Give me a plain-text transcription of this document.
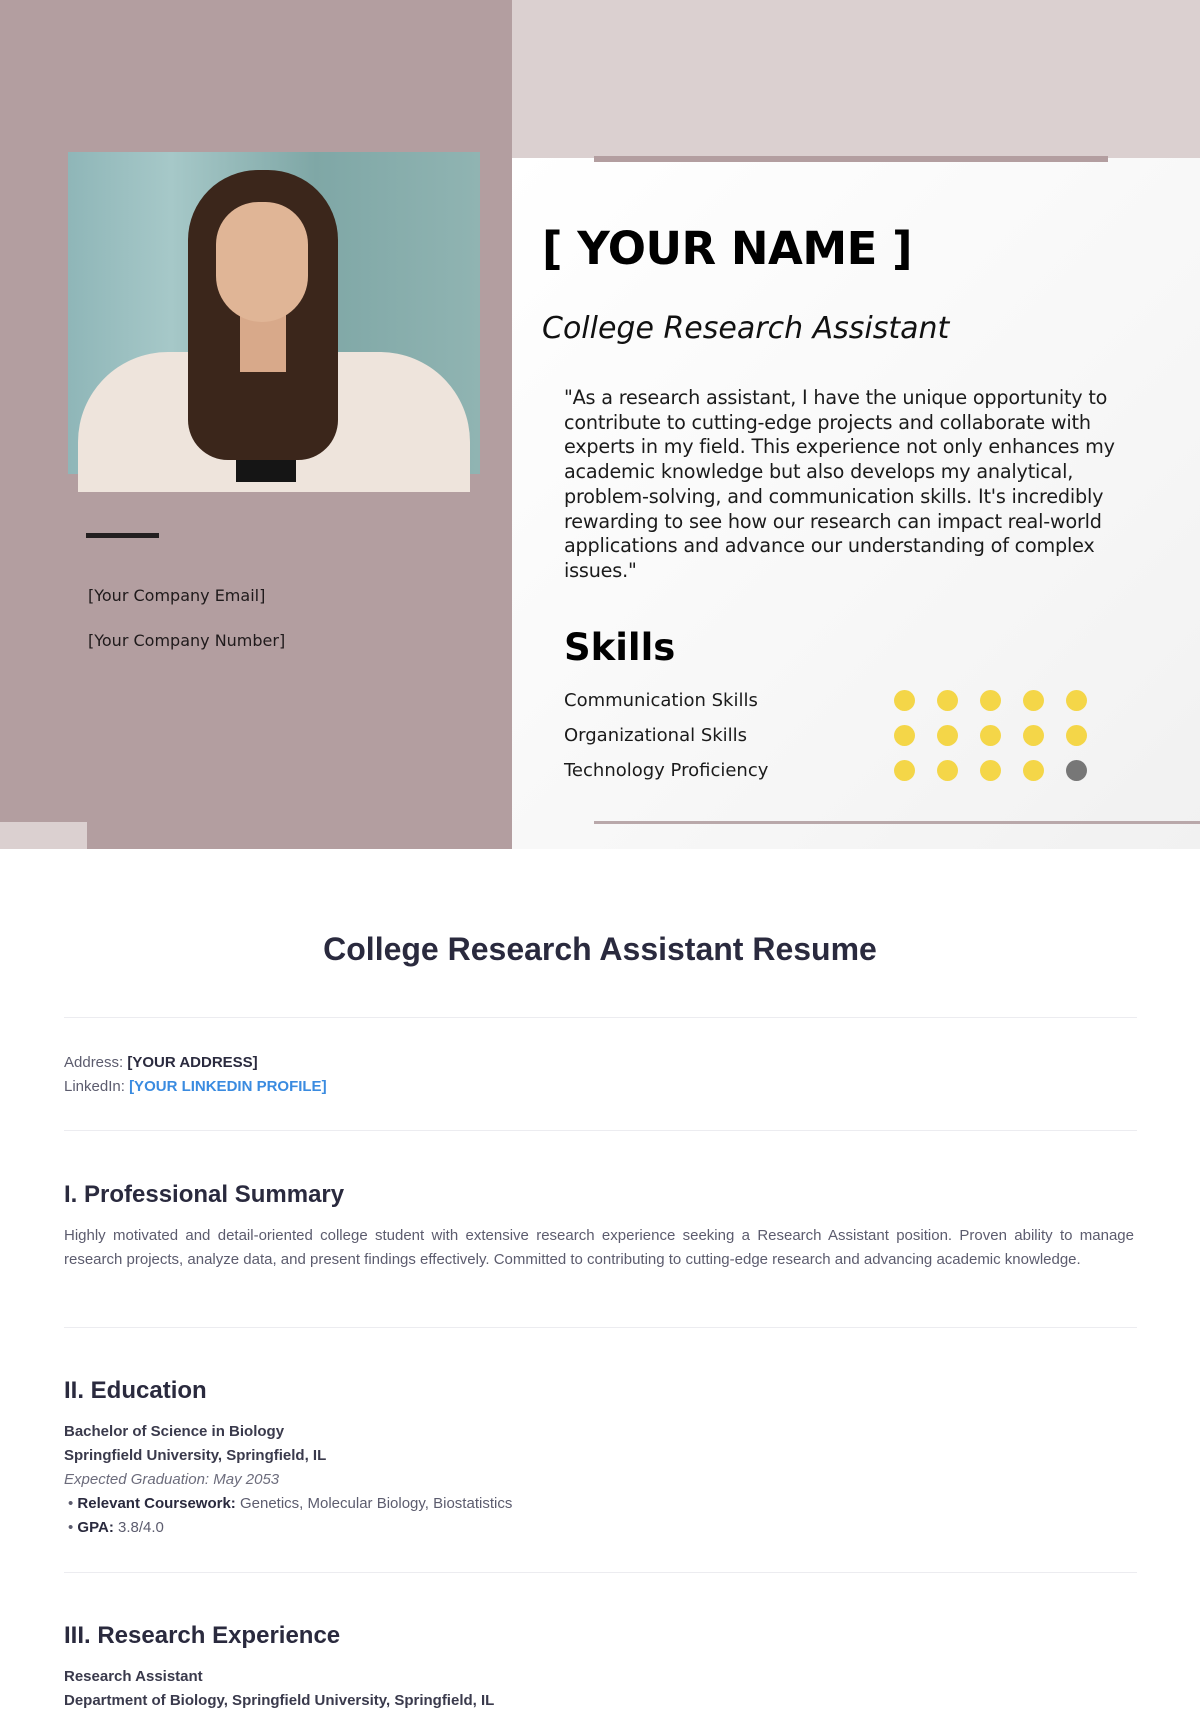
[Your Company Email]
[Your Company Number]
[ YOUR NAME ]
College Research Assistant
"As a research assistant, I have the unique opportunity to contribute to cutting-edge projects and collaborate with experts in my field. This experience not only enhances my academic knowledge but also develops my analytical, problem-solving, and communication skills. It's incredibly rewarding to see how our research can impact real-world applications and advance our understanding of complex issues."
Skills
Communication Skills
Organizational Skills
Technology Proficiency
College Research Assistant Resume
Address: [YOUR ADDRESS]
LinkedIn: [YOUR LINKEDIN PROFILE]
I. Professional Summary
Highly motivated and detail-oriented college student with extensive research experience seeking a Research Assistant position. Proven ability to manage research projects, analyze data, and present findings effectively. Committed to contributing to cutting-edge research and advancing academic knowledge.
II. Education
Bachelor of Science in Biology
Springfield University, Springfield, IL
Expected Graduation: May 2053
• Relevant Coursework: Genetics, Molecular Biology, Biostatistics
• GPA: 3.8/4.0
III. Research Experience
Research Assistant
Department of Biology, Springfield University, Springfield, IL
